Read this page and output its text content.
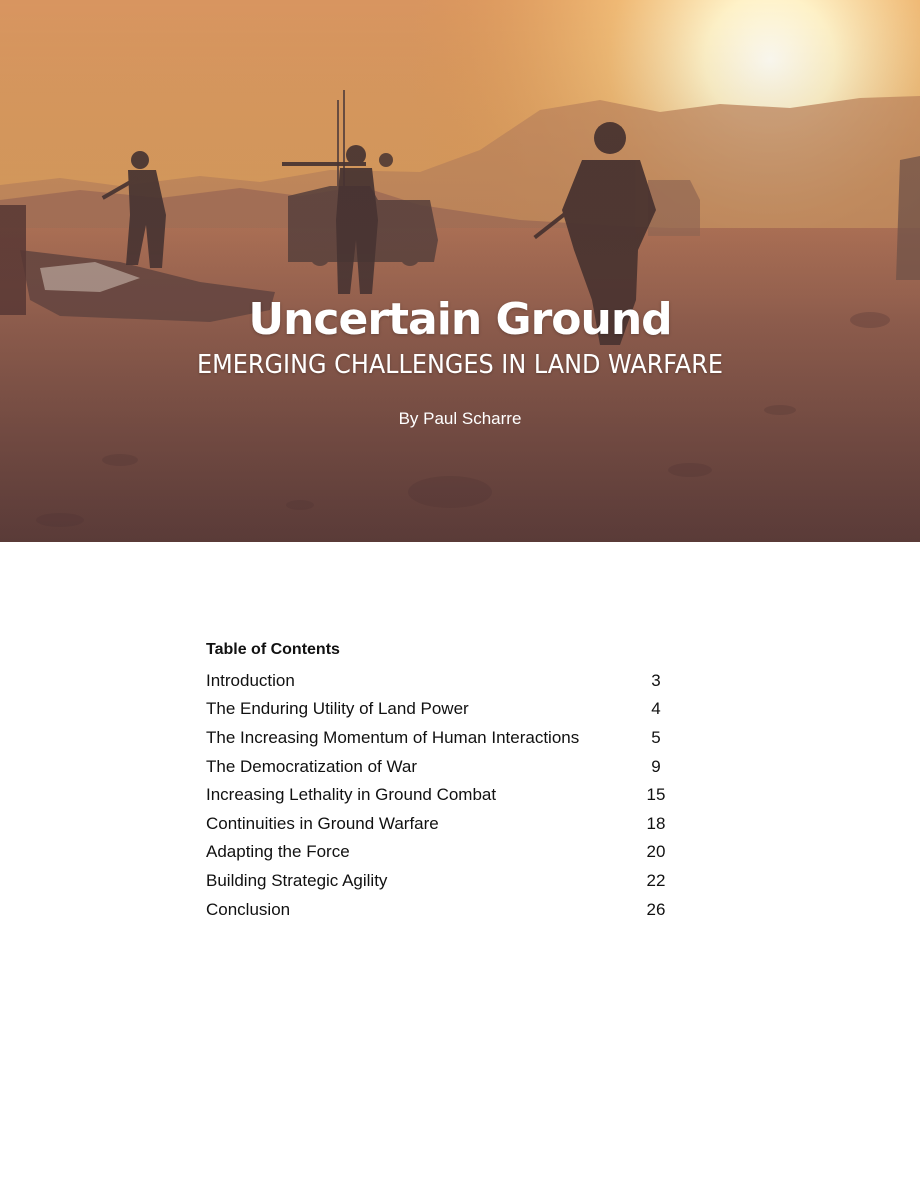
Uncertain Ground
EMERGING CHALLENGES IN LAND WARFARE
By Paul Scharre
Table of Contents
Introduction	3
The Enduring Utility of Land Power	4
The Increasing Momentum of Human Interactions	5
The Democratization of War	9
Increasing Lethality in Ground Combat	15
Continuities in Ground Warfare	18
Adapting the Force	20
Building Strategic Agility	22
Conclusion	26
